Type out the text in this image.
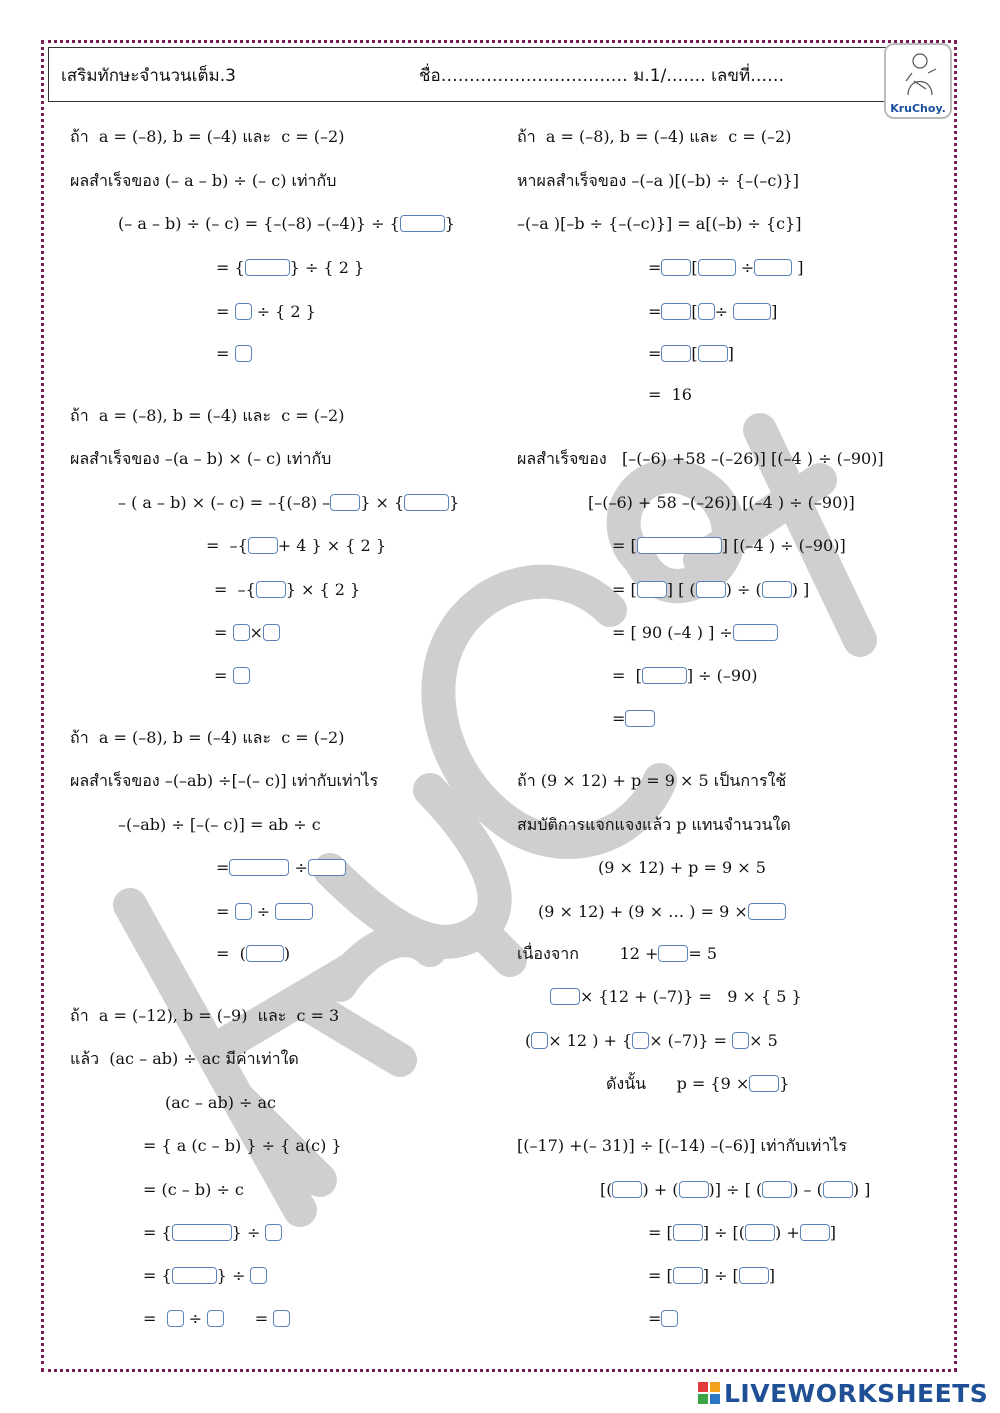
เสริมทักษะจำนวนเต็ม.3	ชื่อ…………………………… ม.1/……. เลขที่……
KruChoy.
ถ้า  a = (–8), b = (–4) และ  c = (–2)
ผลสำเร็จของ (– a – b) ÷ (– c) เท่ากับ
(– a – b) ÷ (– c) = {–(–8) –(–4)} ÷ {	}
= {	} ÷ { 2 }
= ÷ { 2 }
=
ถ้า  a = (–8), b = (–4) และ  c = (–2)
ผลสำเร็จของ –(a – b) × (– c) เท่ากับ
– ( a – b) × (– c) = –{(–8) – } × {	}
=  –{ + 4 } × { 2 }
=  –{ } × { 2 }
= ×
=
ถ้า  a = (–8), b = (–4) และ  c = (–2)
ผลสำเร็จของ –(–ab) ÷[–(– c)] เท่ากับเท่าไร
–(–ab) ÷ [–(– c)] = ab ÷ c
=	÷
= ÷
=  ( )
ถ้า  a = (–12), b = (–9)  และ  c = 3
แล้ว  (ac – ab) ÷ ac มีค่าเท่าใด
(ac – ab) ÷ ac
= { a (c – b) } ÷ { a(c) }
= (c – b) ÷ c
= {	} ÷
= {	} ÷
= ÷	=
ถ้า  a = (–8), b = (–4) และ  c = (–2)
หาผลสำเร็จของ –(–a )[(–b) ÷ {–(–c)}]
–(–a )[–b ÷ {–(–c)}] = a[(–b) ÷ {c}]
= [	÷	]
= [ ÷	]
= [ ]
=  16
ผลสำเร็จของ   [–(–6) +58 –(–26)] [(–4 ) ÷ (–90)]
[–(–6) + 58 –(–26)] [(–4 ) ÷ (–90)]
= [	] [(–4 ) ÷ (–90)]
= [ ] [ ( ) ÷ ( ) ]
= [ 90 (–4 ) ] ÷
=  [	] ÷ (–90)
=
ถ้า (9 × 12) + p = 9 × 5 เป็นการใช้
สมบัติการแจกแจงแล้ว p แทนจำนวนใด
(9 × 12) + p = 9 × 5
(9 × 12) + (9 × … ) = 9 ×
เนื่องจาก        12 + = 5
× {12 + (–7)} =   9 × { 5 }
( × 12 ) + { × (–7)} = × 5
ดังนั้น      p = {9 × }
[(–17) +(– 31)] ÷ [(–14) –(–6)] เท่ากับเท่าไร
[( ) + ( )] ÷ [ ( ) – ( ) ]
= [ ] ÷ [( ) + ]
= [ ] ÷ [ ]
=
LIVEWORKSHEETS
